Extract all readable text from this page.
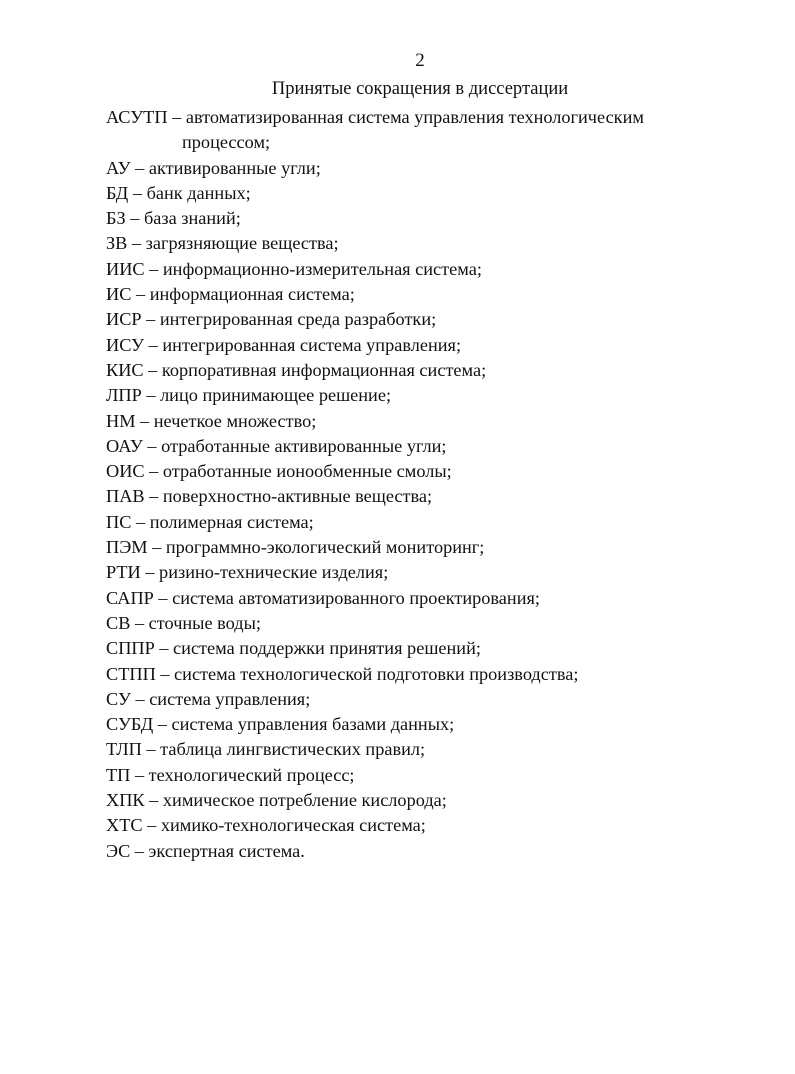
2
Принятые сокращения в диссертации
АСУТП – автоматизированная система управления технологическим
процессом;
АУ – активированные угли;
БД – банк данных;
БЗ – база знаний;
ЗВ – загрязняющие вещества;
ИИС – информационно-измерительная система;
ИС – информационная система;
ИСР – интегрированная среда разработки;
ИСУ – интегрированная система управления;
КИС – корпоративная информационная система;
ЛПР – лицо принимающее решение;
НМ – нечеткое множество;
ОАУ – отработанные активированные угли;
ОИС – отработанные ионообменные смолы;
ПАВ – поверхностно-активные вещества;
ПС – полимерная система;
ПЭМ – программно-экологический мониторинг;
РТИ – ризино-технические изделия;
САПР – система автоматизированного проектирования;
СВ – сточные воды;
СППР – система поддержки принятия решений;
СТПП – система технологической подготовки производства;
СУ – система управления;
СУБД – система управления базами данных;
ТЛП – таблица лингвистических правил;
ТП – технологический процесс;
ХПК – химическое потребление кислорода;
ХТС – химико-технологическая система;
ЭС – экспертная система.
